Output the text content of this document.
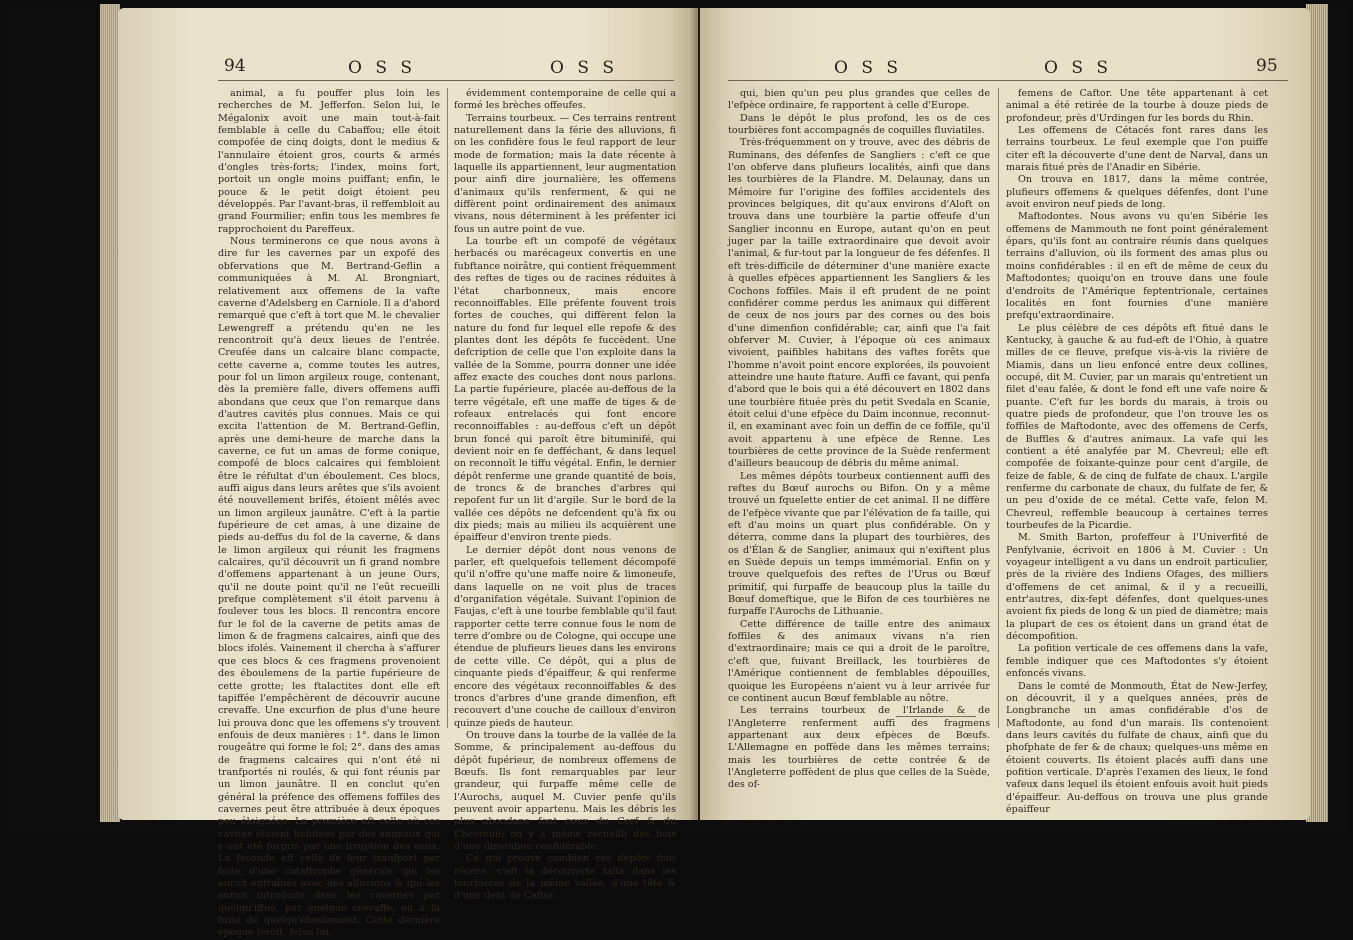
94	O S S	O S S

animal, a fu pouffer plus loin les recherches de M. Jefferfon. Selon lui, le Mégalonix avoit une main tout-à-fait femblable à celle du Cabaffou; elle étoit compofée de cinq doigts, dont le medius & l'annulaire étoient gros, courts & armés d'ongles très-forts; l'index, moins fort, portoit un ongle moins puiffant; enfin, le pouce & le petit doigt étoient peu développés. Par l'avant-bras, il reffembloit au grand Fourmilier; enfin tous les membres fe rapprochoient du Pareffeux.

Nous terminerons ce que nous avons à dire fur les cavernes par un expofé des obfervations que M. Bertrand-Geflin a communiquées à M. Al. Brongniart, relativement aux offemens de la vafte caverne d'Adelsberg en Carniole. Il a d'abord remarqué que c'eft à tort que M. le chevalier Lewengreff a prétendu qu'en ne les rencontroit qu'à deux lieues de l'entrée. Creufée dans un calcaire blanc compacte, cette caverne a, comme toutes les autres, pour fol un limon argileux rouge, contenant, dès la première falle, divers offemens auffi abondans que ceux que l'on remarque dans d'autres cavités plus connues. Mais ce qui excita l'attention de M. Bertrand-Geflin, après une demi-heure de marche dans la caverne, ce fut un amas de forme conique, compofé de blocs calcaires qui fembloient être le réfultat d'un éboulement. Ces blocs, auffi aigus dans leurs arêtes que s'ils avoient été nouvellement brifés, étoient mêlés avec un limon argileux jaunâtre. C'eft à la partie fupérieure de cet amas, à une dizaine de pieds au-deffus du fol de la caverne, & dans le limon argileux qui réunit les fragmens calcaires, qu'il découvrit un fi grand nombre d'offemens appartenant à un jeune Ours, qu'il ne doute point qu'il ne l'eût recueilli prefque complètement s'il étoit parvenu à foulever tous les blocs. Il rencontra encore fur le fol de la caverne de petits amas de limon & de fragmens calcaires, ainfi que des blocs ifolés. Vainement il chercha à s'affurer que ces blocs & ces fragmens provenoient des éboulemens de la partie fupérieure de cette grotte; les ftalactites dont elle eft tapiffée l'empêchèrent de découvrir aucune crevaffe. Une excurfion de plus d'une heure lui prouva donc que les offemens s'y trouvent enfouis de deux manières : 1°. dans le limon rougeâtre qui forme le fol; 2°. dans des amas de fragmens calcaires qui n'ont été ni tranfportés ni roulés, & qui font réunis par un limon jaunâtre. Il en conclut qu'en général la préfence des offemens foffiles des cavernes peut être attribuée à deux époques peu éloignées. La première eft celle où ces cavités étoient habitées par des animaux qui y ont été furpris par une irruption des eaux. La feconde eft celle de leur tranfport par fuite d'une cataftrophe générale qui les auroit entraînés avec des alluvions & qui les auroit introduits dans les cavernes par quelqu'iffue, par quelque crevaffe, ou à la fuite de quelqu'éboulement. Cette dernière époque feroit, felon lui,

évidemment contemporaine de celle qui a formé les brèches offeufes.

Terrains tourbeux. — Ces terrains rentrent naturellement dans la férie des alluvions, fi on les confidère fous le feul rapport de leur mode de formation; mais la date récente à laquelle ils appartiennent, leur augmentation pour ainfi dire journalière, les offemens d'animaux qu'ils renferment, & qui ne diffèrent point ordinairement des animaux vivans, nous déterminent à les préfenter ici fous un autre point de vue.

La tourbe eft un compofé de végétaux herbacés ou marécageux convertis en une fubftance noirâtre, qui contient fréquemment des reftes de tiges ou de racines réduites à l'état charbonneux, mais encore reconnoiffables. Elle préfente fouvent trois fortes de couches, qui diffèrent felon la nature du fond fur lequel elle repofe & des plantes dont les dépôts fe fuccèdent. Une defcription de celle que l'on exploite dans la vallée de la Somme, pourra donner une idée affez exacte des couches dont nous parlons. La partie fupérieure, placée au-deffous de la terre végétale, eft une maffe de tiges & de rofeaux entrelacés qui font encore reconnoiffables : au-deffous c'eft un dépôt brun foncé qui paroît être bituminifé, qui devient noir en fe defféchant, & dans lequel on reconnoît le tiffu végétal. Enfin, le dernier dépôt renferme une grande quantité de bois, de troncs & de branches d'arbres qui repofent fur un lit d'argile. Sur le bord de la vallée ces dépôts ne defcendent qu'à fix ou dix pieds; mais au milieu ils acquièrent une épaiffeur d'environ trente pieds.

Le dernier dépôt dont nous venons de parler, eft quelquefois tellement décompofé qu'il n'offre qu'une maffe noire & limoneufe, dans laquelle on ne voit plus de traces d'organifation végétale. Suivant l'opinion de Faujas, c'eft à une tourbe femblable qu'il faut rapporter cette terre connue fous le nom de terre d'ombre ou de Cologne, qui occupe une étendue de plufieurs lieues dans les environs de cette ville. Ce dépôt, qui a plus de cinquante pieds d'épaiffeur, & qui renferme encore des végétaux reconnoiffables & des troncs d'arbres d'une grande dimenfion, eft recouvert d'une couche de cailloux d'environ quinze pieds de hauteur.

On trouve dans la tourbe de la vallée de la Somme, & principalement au-deffous du dépôt fupérieur, de nombreux offemens de Bœufs. Ils font remarquables par leur grandeur, qui furpaffe même celle de l'Aurochs, auquel M. Cuvier penfe qu'ils peuvent avoir appartenu. Mais les débris les plus abondans font ceux du Cerf & du Chevreuil; on y a même recueilli des bois d'une dimenfion confidérable.

Ce qui prouve combien ces dépôts font récens, c'eft la découverte faite dans les tourbières de la même vallée, d'une tête & d'une dent de Caftor,

O S S	O S S	95

qui, bien qu'un peu plus grandes que celles de l'efpèce ordinaire, fe rapportent à celle d'Europe.

Dans le dépôt le plus profond, les os de ces tourbières font accompagnés de coquilles fluviatiles.

Très-fréquemment on y trouve, avec des débris de Ruminans, des défenfes de Sangliers : c'eft ce que l'on obferve dans plufieurs localités, ainfi que dans les tourbières de la Flandre. M. Delaunay, dans un Mémoire fur l'origine des foffiles accidentels des provinces belgiques, dit qu'aux environs d'Aloft on trouva dans une tourbière la partie offeufe d'un Sanglier inconnu en Europe, autant qu'on en peut juger par la taille extraordinaire que devoit avoir l'animal, & fur-tout par la longueur de fes défenfes. Il eft très-difficile de déterminer d'une manière exacte à quelles efpèces appartiennent les Sangliers & les Cochons foffiles. Mais il eft prudent de ne point confidérer comme perdus les animaux qui diffèrent de ceux de nos jours par des cornes ou des bois d'une dimenfion confidérable; car, ainfi que l'a fait obferver M. Cuvier, à l'époque où ces animaux vivoient, paifibles habitans des vaftes forêts que l'homme n'avoit point encore explorées, ils pouvoient atteindre une haute ftature. Auffi ce favant, qui penfa d'abord que le bois qui a été découvert en 1802 dans une tourbière fituée près du petit Svedala en Scanie, étoit celui d'une efpèce du Daim inconnue, reconnut-il, en examinant avec foin un deffin de ce foffile, qu'il avoit appartenu à une efpèce de Renne. Les tourbières de cette province de la Suède renferment d'ailleurs beaucoup de débris du même animal.

Les mêmes dépôts tourbeux contiennent auffi des reftes du Bœuf aurochs ou Bifon. On y a même trouvé un fquelette entier de cet animal. Il ne diffère de l'efpèce vivante que par l'élévation de fa taille, qui eft d'au moins un quart plus confidérable. On y déterra, comme dans la plupart des tourbières, des os d'Élan & de Sanglier, animaux qui n'exiftent plus en Suède depuis un temps immémorial. Enfin on y trouve quelquefois des reftes de l'Urus ou Bœuf primitif, qui furpaffe de beaucoup plus la taille du Bœuf domeftique, que le Bifon de ces tourbières ne furpaffe l'Aurochs de Lithuanie.

Cette différence de taille entre des animaux foffiles & des animaux vivans n'a rien d'extraordinaire; mais ce qui a droit de le paroître, c'eft que, fuivant Breillack, les tourbières de l'Amérique contiennent de femblables dépouilles, quoique les Européens n'aient vu à leur arrivée fur ce continent aucun Bœuf femblable au nôtre.

Les terrains tourbeux de l'Irlande & de l'Angleterre renferment auffi des fragmens appartenant aux deux efpèces de Bœufs. L'Allemagne en poffède dans les mêmes terrains; mais les tourbières de cette contrée & de l'Angleterre poffèdent de plus que celles de la Suède, des of-

femens de Caftor. Une tête appartenant à cet animal a été retirée de la tourbe à douze pieds de profondeur, près d'Urdingen fur les bords du Rhin.

Les offemens de Cétacés font rares dans les terrains tourbeux. Le feul exemple que l'on puiffe citer eft la découverte d'une dent de Narval, dans un marais fitué près de l'Anadir en Sibérie.

On trouva en 1817, dans la même contrée, plufieurs offemens & quelques défenfes, dont l'une avoit environ neuf pieds de long.

Maftodontes. Nous avons vu qu'en Sibérie les offemens de Mammouth ne font point généralement épars, qu'ils font au contraire réunis dans quelques terrains d'alluvion, où ils forment des amas plus ou moins confidérables : il en eft de même de ceux du Maftodontes; quoiqu'on en trouve dans une foule d'endroits de l'Amérique feptentrionale, certaines localités en font fournies d'une manière prefqu'extraordinaire.

Le plus célèbre de ces dépôts eft fitué dans le Kentucky, à gauche & au fud-eft de l'Ohio, à quatre milles de ce fleuve, prefque vis-à-vis la rivière de Miamis, dans un lieu enfoncé entre deux collines, occupé, dit M. Cuvier, par un marais qu'entretient un filet d'eau falée, & dont le fond eft une vafe noire & puante. C'eft fur les bords du marais, à trois ou quatre pieds de profondeur, que l'on trouve les os foffiles de Maftodonte, avec des offemens de Cerfs, de Buffles & d'autres animaux. La vafe qui les contient a été analyfée par M. Chevreul; elle eft compofée de foixante-quinze pour cent d'argile, de feize de fable, & de cinq de fulfate de chaux. L'argile renferme du carbonate de chaux, du fulfate de fer, & un peu d'oxide de ce métal. Cette vafe, felon M. Chevreul, reffemble beaucoup à certaines terres tourbeufes de la Picardie.

M. Smith Barton, profeffeur à l'Univerfité de Penfylvanie, écrivoit en 1806 à M. Cuvier : Un voyageur intelligent a vu dans un endroit particulier, près de la rivière des Indiens Ofages, des milliers d'offemens de cet animal, & il y a recueilli, entr'autres, dix-fept défenfes, dont quelques-unes avoient fix pieds de long & un pied de diamètre; mais la plupart de ces os étoient dans un grand état de décompofition.

La pofition verticale de ces offemens dans la vafe, femble indiquer que ces Maftodontes s'y étoient enfoncés vivans.

Dans le comté de Monmouth, État de New-Jerfey, on découvrit, il y a quelques années, près de Longbranche un amas confidérable d'os de Maftodonte, au fond d'un marais. Ils contenoient dans leurs cavités du fulfate de chaux, ainfi que du phofphate de fer & de chaux; quelques-uns même en étoient couverts. Ils étoient placés auffi dans une pofition verticale. D'après l'examen des lieux, le fond vafeux dans lequel ils étoient enfouis avoit huit pieds d'épaiffeur. Au-deffous on trouva une plus grande épaiffeur
